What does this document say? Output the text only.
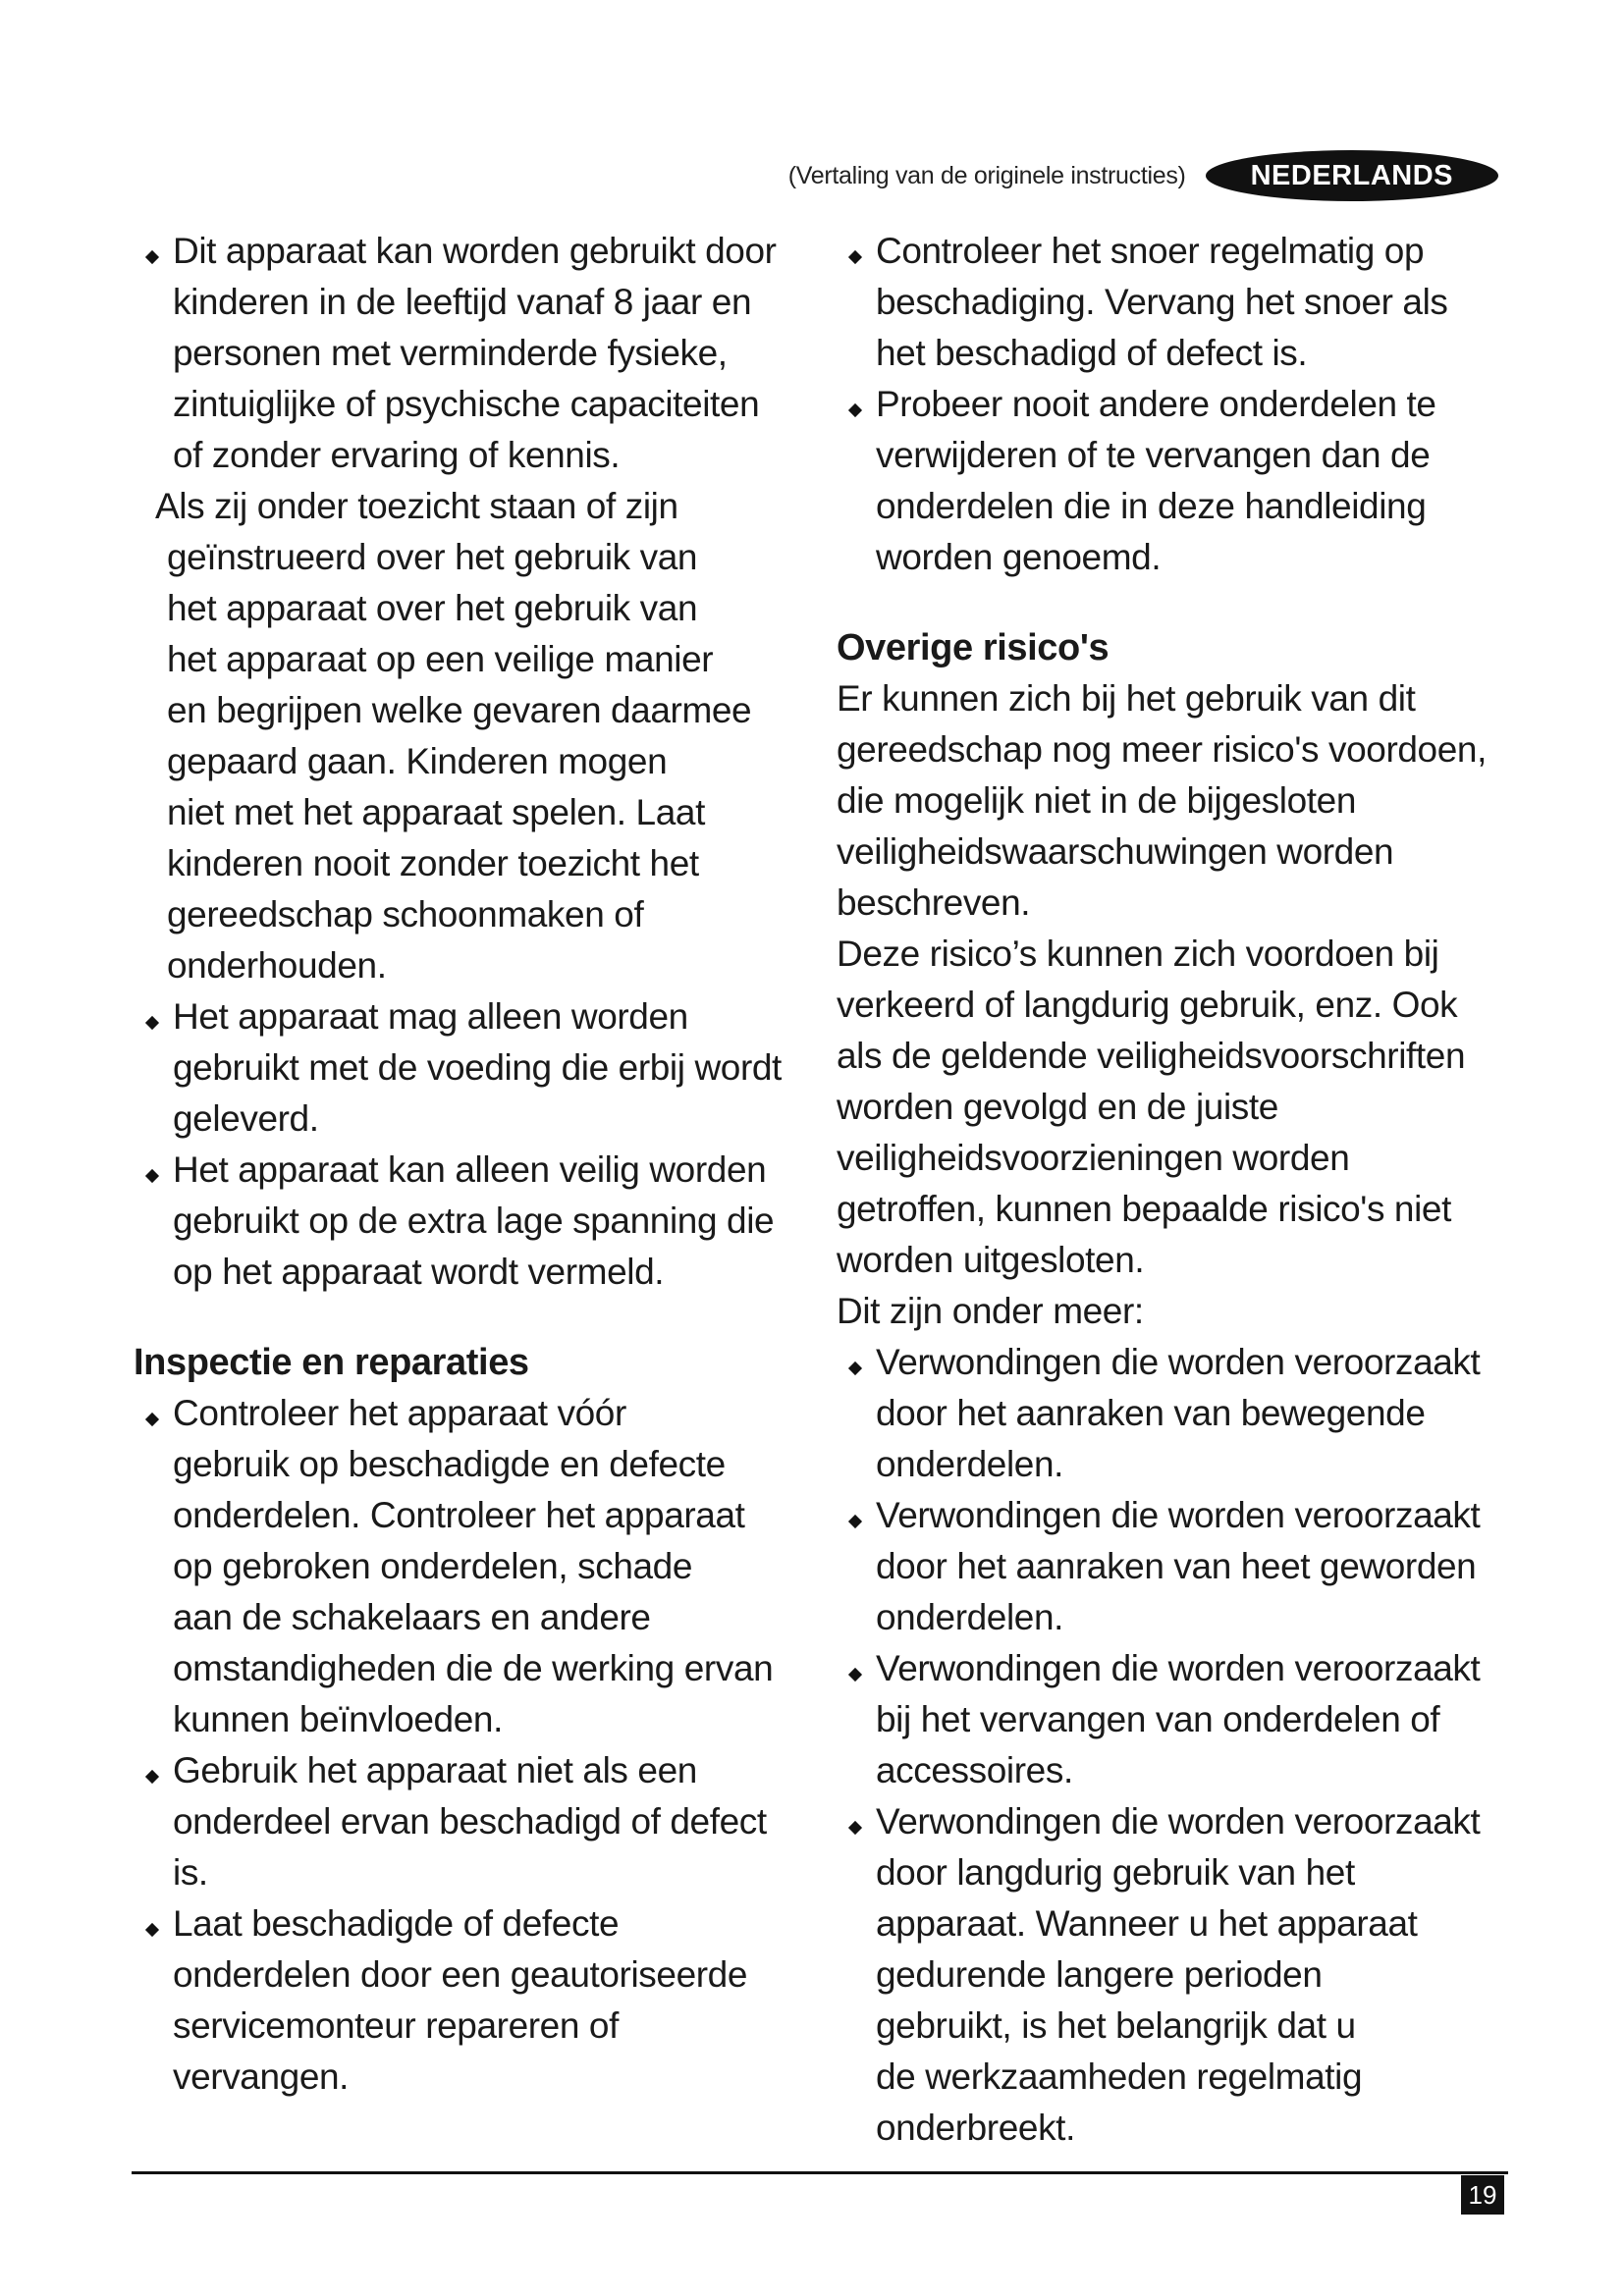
(Vertaling van de originele instructies)	NEDERLANDS

Dit apparaat kan worden gebruikt door
kinderen in de leeftijd vanaf 8 jaar en
personen met verminderde fysieke,
zintuiglijke of psychische capaciteiten
of zonder ervaring of kennis.

Als zij onder toezicht staan of zijn
geïnstrueerd over het gebruik van
het apparaat over het gebruik van
het apparaat op een veilige manier
en begrijpen welke gevaren daarmee
gepaard gaan. Kinderen mogen
niet met het apparaat spelen. Laat
kinderen nooit zonder toezicht het
gereedschap schoonmaken of
onderhouden.

Het apparaat mag alleen worden
gebruikt met de voeding die erbij wordt
geleverd.

Het apparaat kan alleen veilig worden
gebruikt op de extra lage spanning die
op het apparaat wordt vermeld.

Inspectie en reparaties

Controleer het apparaat vóór
gebruik op beschadigde en defecte
onderdelen. Controleer het apparaat
op gebroken onderdelen, schade
aan de schakelaars en andere
omstandigheden die de werking ervan
kunnen beïnvloeden.

Gebruik het apparaat niet als een
onderdeel ervan beschadigd of defect
is.

Laat beschadigde of defecte
onderdelen door een geautoriseerde
servicemonteur repareren of
vervangen.

Controleer het snoer regelmatig op
beschadiging. Vervang het snoer als
het beschadigd of defect is.

Probeer nooit andere onderdelen te
verwijderen of te vervangen dan de
onderdelen die in deze handleiding
worden genoemd.

Overige risico's

Er kunnen zich bij het gebruik van dit
gereedschap nog meer risico's voordoen,
die mogelijk niet in de bijgesloten
veiligheidswaarschuwingen worden
beschreven.

Deze risico’s kunnen zich voordoen bij
verkeerd of langdurig gebruik, enz. Ook
als de geldende veiligheidsvoorschriften
worden gevolgd en de juiste
veiligheidsvoorzieningen worden
getroffen, kunnen bepaalde risico's niet
worden uitgesloten.

Dit zijn onder meer:

Verwondingen die worden veroorzaakt
door het aanraken van bewegende
onderdelen.

Verwondingen die worden veroorzaakt
door het aanraken van heet geworden
onderdelen.

Verwondingen die worden veroorzaakt
bij het vervangen van onderdelen of
accessoires.

Verwondingen die worden veroorzaakt
door langdurig gebruik van het
apparaat. Wanneer u het apparaat
gedurende langere perioden
gebruikt, is het belangrijk dat u
de werkzaamheden regelmatig
onderbreekt.

19
